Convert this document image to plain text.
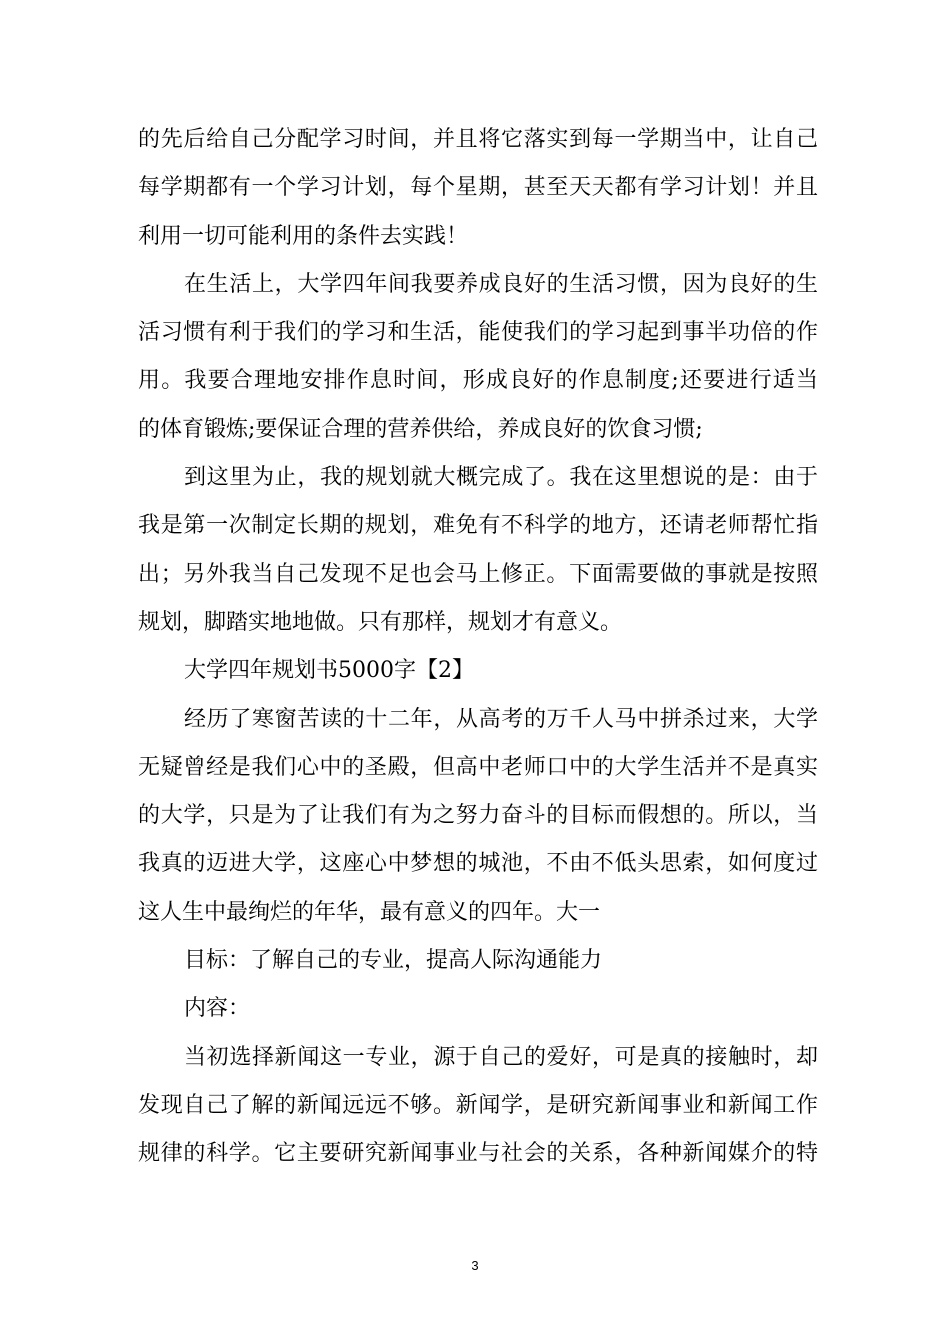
的先后给自己分配学习时间，并且将它落实到每一学期当中，让自己
每学期都有一个学习计划，每个星期，甚至天天都有学习计划！并且
利用一切可能利用的条件去实践！
在生活上，大学四年间我要养成良好的生活习惯，因为良好的生
活习惯有利于我们的学习和生活，能使我们的学习起到事半功倍的作
用。我要合理地安排作息时间，形成良好的作息制度;还要进行适当
的体育锻炼;要保证合理的营养供给，养成良好的饮食习惯;
到这里为止，我的规划就大概完成了。我在这里想说的是：由于
我是第一次制定长期的规划，难免有不科学的地方，还请老师帮忙指
出；另外我当自己发现不足也会马上修正。下面需要做的事就是按照
规划，脚踏实地地做。只有那样，规划才有意义。
大学四年规划书5000字【2】
经历了寒窗苦读的十二年，从高考的万千人马中拼杀过来，大学
无疑曾经是我们心中的圣殿，但高中老师口中的大学生活并不是真实
的大学，只是为了让我们有为之努力奋斗的目标而假想的。所以，当
我真的迈进大学，这座心中梦想的城池，不由不低头思索，如何度过
这人生中最绚烂的年华，最有意义的四年。大一
目标：了解自己的专业，提高人际沟通能力
内容：
当初选择新闻这一专业，源于自己的爱好，可是真的接触时，却
发现自己了解的新闻远远不够。新闻学，是研究新闻事业和新闻工作
规律的科学。它主要研究新闻事业与社会的关系，各种新闻媒介的特
3
